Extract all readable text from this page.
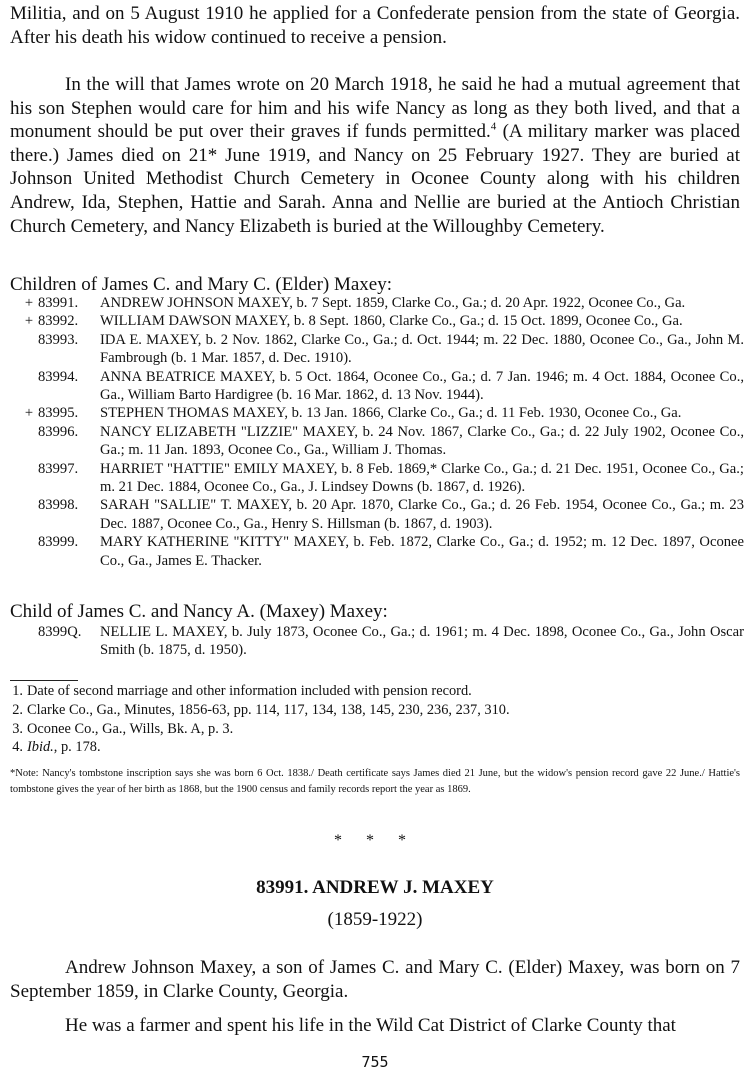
Militia, and on 5 August 1910 he applied for a Confederate pension from the state of Georgia. After his death his widow continued to receive a pension.

In the will that James wrote on 20 March 1918, he said he had a mutual agreement that his son Stephen would care for him and his wife Nancy as long as they both lived, and that a monument should be put over their graves if funds permitted.$^4$ (A military marker was placed there.) James died on 21* June 1919, and Nancy on 25 February 1927. They are buried at Johnson United Methodist Church Cemetery in Oconee County along with his children Andrew, Ida, Stephen, Hattie and Sarah. Anna and Nellie are buried at the Antioch Christian Church Cemetery, and Nancy Elizabeth is buried at the Willoughby Cemetery.

Children of James C. and Mary C. (Elder) Maxey:

+ 83991. ANDREW JOHNSON MAXEY, b. 7 Sept. 1859, Clarke Co., Ga.; d. 20 Apr. 1922, Oconee Co., Ga.
+ 83992. WILLIAM DAWSON MAXEY, b. 8 Sept. 1860, Clarke Co., Ga.; d. 15 Oct. 1899, Oconee Co., Ga.
83993. IDA E. MAXEY, b. 2 Nov. 1862, Clarke Co., Ga.; d. Oct. 1944; m. 22 Dec. 1880, Oconee Co., Ga., John M. Fambrough (b. 1 Mar. 1857, d. Dec. 1910).
83994. ANNA BEATRICE MAXEY, b. 5 Oct. 1864, Oconee Co., Ga.; d. 7 Jan. 1946; m. 4 Oct. 1884, Oconee Co., Ga., William Barto Hardigree (b. 16 Mar. 1862, d. 13 Nov. 1944).
+ 83995. STEPHEN THOMAS MAXEY, b. 13 Jan. 1866, Clarke Co., Ga.; d. 11 Feb. 1930, Oconee Co., Ga.
83996. NANCY ELIZABETH "LIZZIE" MAXEY, b. 24 Nov. 1867, Clarke Co., Ga.; d. 22 July 1902, Oconee Co., Ga.; m. 11 Jan. 1893, Oconee Co., Ga., William J. Thomas.
83997. HARRIET "HATTIE" EMILY MAXEY, b. 8 Feb. 1869,* Clarke Co., Ga.; d. 21 Dec. 1951, Oconee Co., Ga.; m. 21 Dec. 1884, Oconee Co., Ga., J. Lindsey Downs (b. 1867, d. 1926).
83998. SARAH "SALLIE" T. MAXEY, b. 20 Apr. 1870, Clarke Co., Ga.; d. 26 Feb. 1954, Oconee Co., Ga.; m. 23 Dec. 1887, Oconee Co., Ga., Henry S. Hillsman (b. 1867, d. 1903).
83999. MARY KATHERINE "KITTY" MAXEY, b. Feb. 1872, Clarke Co., Ga.; d. 1952; m. 12 Dec. 1897, Oconee Co., Ga., James E. Thacker.

Child of James C. and Nancy A. (Maxey) Maxey:

8399Q. NELLIE L. MAXEY, b. July 1873, Oconee Co., Ga.; d. 1961; m. 4 Dec. 1898, Oconee Co., Ga., John Oscar Smith (b. 1875, d. 1950).

1. Date of second marriage and other information included with pension record.

2. Clarke Co., Ga., Minutes, 1856-63, pp. 114, 117, 134, 138, 145, 230, 236, 237, 310.

3. Oconee Co., Ga., Wills, Bk. A, p. 3.

4. Ibid., p. 178.

*Note: Nancy's tombstone inscription says she was born 6 Oct. 1838./ Death certificate says James died 21 June, but the widow's pension record gave 22 June./ Hattie's tombstone gives the year of her birth as 1868, but the 1900 census and family records report the year as 1869.

* * *

83991. ANDREW J. MAXEY

(1859-1922)

Andrew Johnson Maxey, a son of James C. and Mary C. (Elder) Maxey, was born on 7 September 1859, in Clarke County, Georgia.

He was a farmer and spent his life in the Wild Cat District of Clarke County that

755
